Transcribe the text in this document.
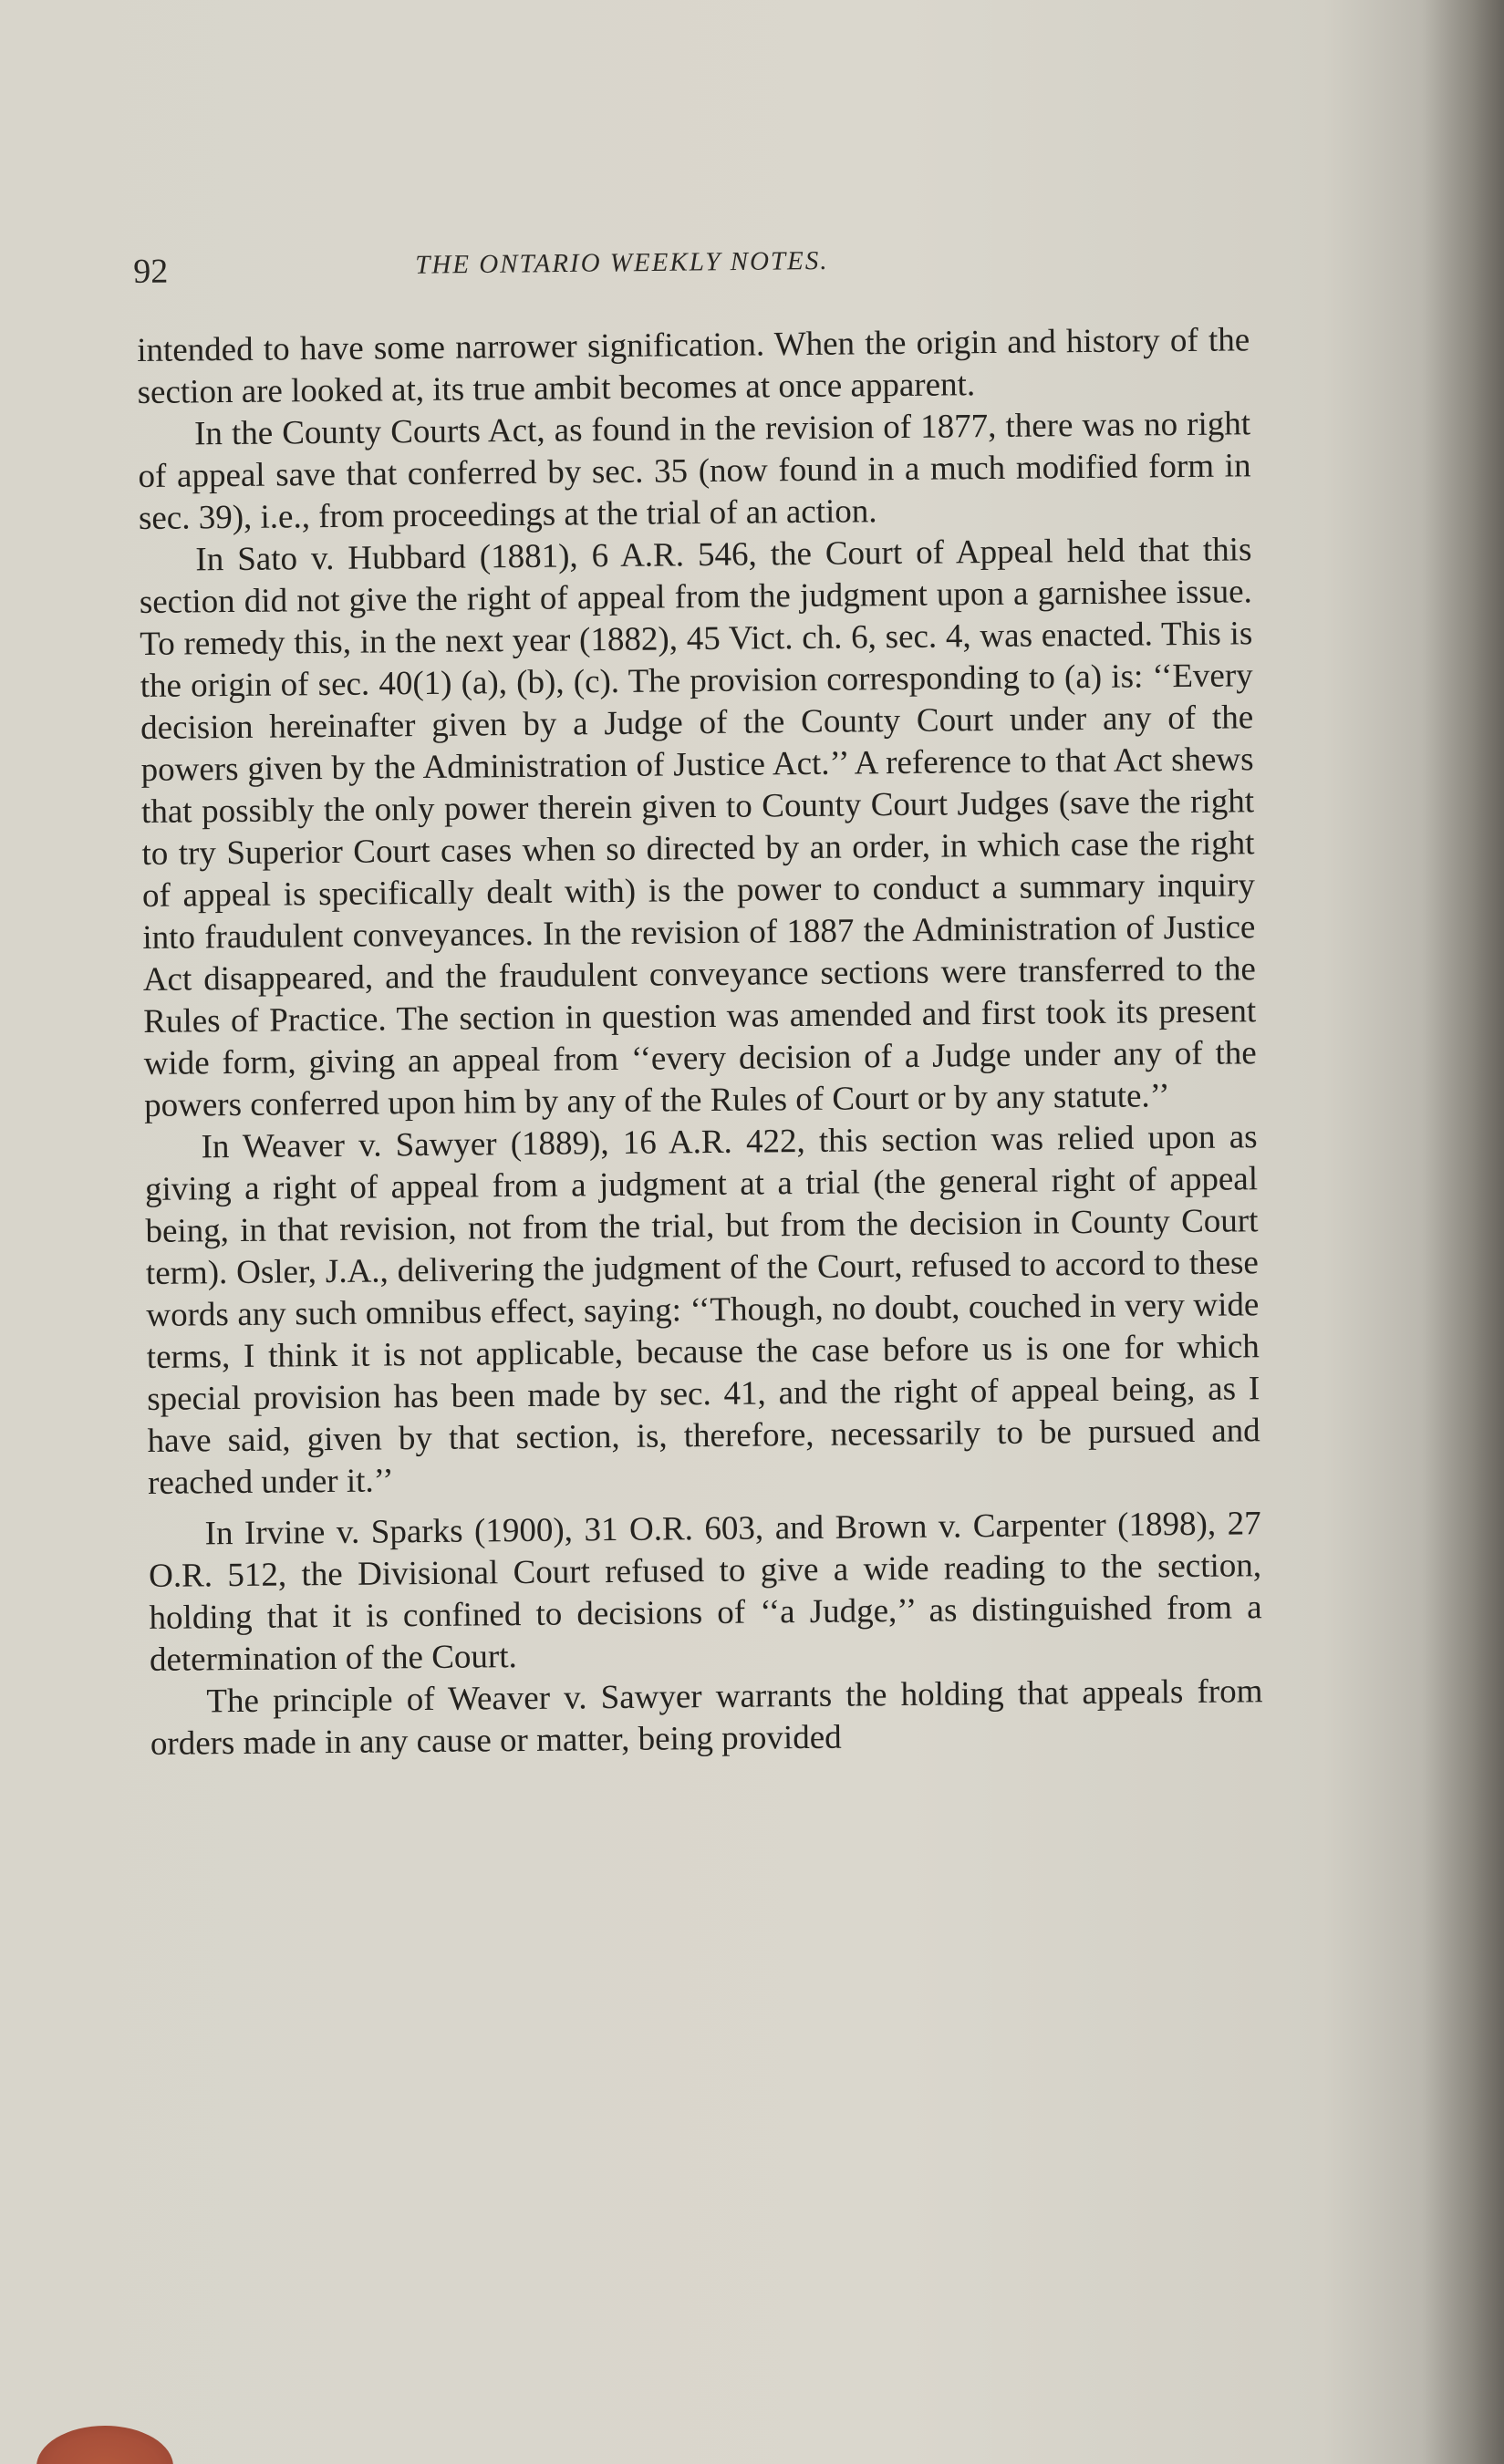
92	THE ONTARIO WEEKLY NOTES.

intended to have some narrower signification. When the origin and history of the section are looked at, its true ambit becomes at once apparent.

In the County Courts Act, as found in the revision of 1877, there was no right of appeal save that conferred by sec. 35 (now found in a much modified form in sec. 39), i.e., from proceedings at the trial of an action.

In Sato v. Hubbard (1881), 6 A.R. 546, the Court of Appeal held that this section did not give the right of appeal from the judgment upon a garnishee issue. To remedy this, in the next year (1882), 45 Vict. ch. 6, sec. 4, was enacted. This is the origin of sec. 40(1) (a), (b), (c). The provision corresponding to (a) is: ‘‘Every decision hereinafter given by a Judge of the County Court under any of the powers given by the Administration of Justice Act.’’ A reference to that Act shews that possibly the only power therein given to County Court Judges (save the right to try Superior Court cases when so directed by an order, in which case the right of appeal is specifically dealt with) is the power to conduct a summary inquiry into fraudulent conveyances. In the revision of 1887 the Administration of Justice Act disappeared, and the fraudulent conveyance sections were transferred to the Rules of Practice. The section in question was amended and first took its present wide form, giving an appeal from ‘‘every decision of a Judge under any of the powers conferred upon him by any of the Rules of Court or by any statute.’’

In Weaver v. Sawyer (1889), 16 A.R. 422, this section was relied upon as giving a right of appeal from a judgment at a trial (the general right of appeal being, in that revision, not from the trial, but from the decision in County Court term). Osler, J.A., delivering the judgment of the Court, refused to accord to these words any such omnibus effect, saying: ‘‘Though, no doubt, couched in very wide terms, I think it is not applicable, because the case before us is one for which special provision has been made by sec. 41, and the right of appeal being, as I have said, given by that section, is, therefore, necessarily to be pursued and reached under it.’’

In Irvine v. Sparks (1900), 31 O.R. 603, and Brown v. Carpenter (1898), 27 O.R. 512, the Divisional Court refused to give a wide reading to the section, holding that it is confined to decisions of ‘‘a Judge,’’ as distinguished from a determination of the Court.

The principle of Weaver v. Sawyer warrants the holding that appeals from orders made in any cause or matter, being provided
